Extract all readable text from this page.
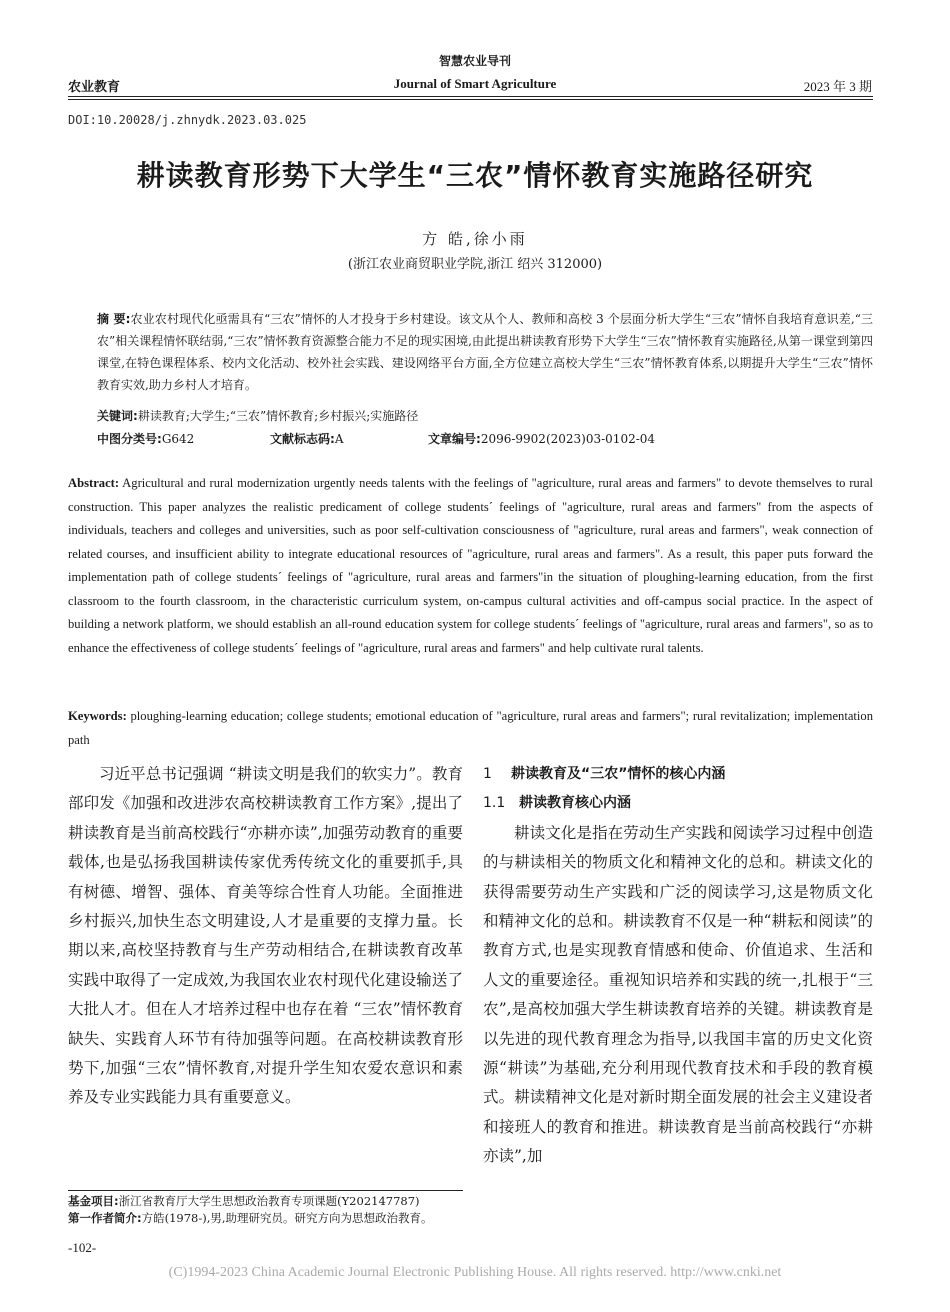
智慧农业导刊
农业教育	Journal of Smart Agriculture	2023 年 3 期
DOI:10.20028/j.zhnydk.2023.03.025
耕读教育形势下大学生“三农”情怀教育实施路径研究
方 皓,徐小雨
(浙江农业商贸职业学院,浙江 绍兴 312000)
摘 要:农业农村现代化亟需具有“三农”情怀的人才投身于乡村建设。该文从个人、教师和高校 3 个层面分析大学生“三农”情怀自我培育意识差,“三农”相关课程情怀联结弱,“三农”情怀教育资源整合能力不足的现实困境,由此提出耕读教育形势下大学生“三农”情怀教育实施路径,从第一课堂到第四课堂,在特色课程体系、校内文化活动、校外社会实践、建设网络平台方面,全方位建立高校大学生“三农”情怀教育体系,以期提升大学生“三农”情怀教育实效,助力乡村人才培育。
关键词:耕读教育;大学生;“三农”情怀教育;乡村振兴;实施路径
中图分类号:G642	文献标志码:A	文章编号:2096-9902(2023)03-0102-04
Abstract: Agricultural and rural modernization urgently needs talents with the feelings of "agriculture, rural areas and farmers" to devote themselves to rural construction. This paper analyzes the realistic predicament of college students´ feelings of "agriculture, rural areas and farmers" from the aspects of individuals, teachers and colleges and universities, such as poor self-cultivation consciousness of "agriculture, rural areas and farmers", weak connection of related courses, and insufficient ability to integrate educational resources of "agriculture, rural areas and farmers". As a result, this paper puts forward the implementation path of college students´ feelings of "agriculture, rural areas and farmers"in the situation of ploughing-learning education, from the first classroom to the fourth classroom, in the characteristic curriculum system, on-campus cultural activities and off-campus social practice. In the aspect of building a network platform, we should establish an all-round education system for college students´ feelings of "agriculture, rural areas and farmers", so as to enhance the effectiveness of college students´ feelings of "agriculture, rural areas and farmers" and help cultivate rural talents.
Keywords: ploughing-learning education; college students; emotional education of "agriculture, rural areas and farmers"; rural revitalization; implementation path

习近平总书记强调 “耕读文明是我们的软实力”。教育部印发《加强和改进涉农高校耕读教育工作方案》,提出了耕读教育是当前高校践行“亦耕亦读”,加强劳动教育的重要载体,也是弘扬我国耕读传家优秀传统文化的重要抓手,具有树德、增智、强体、育美等综合性育人功能。全面推进乡村振兴,加快生态文明建设,人才是重要的支撑力量。长期以来,高校坚持教育与生产劳动相结合,在耕读教育改革实践中取得了一定成效,为我国农业农村现代化建设输送了大批人才。但在人才培养过程中也存在着 “三农”情怀教育缺失、实践育人环节有待加强等问题。在高校耕读教育形势下,加强“三农”情怀教育,对提升学生知农爱农意识和素养及专业实践能力具有重要意义。

1 耕读教育及“三农”情怀的核心内涵
1.1 耕读教育核心内涵

耕读文化是指在劳动生产实践和阅读学习过程中创造的与耕读相关的物质文化和精神文化的总和。耕读文化的获得需要劳动生产实践和广泛的阅读学习,这是物质文化和精神文化的总和。耕读教育不仅是一种“耕耘和阅读”的教育方式,也是实现教育情感和使命、价值追求、生活和人文的重要途径。重视知识培养和实践的统一,扎根于“三农”,是高校加强大学生耕读教育培养的关键。耕读教育是以先进的现代教育理念为指导,以我国丰富的历史文化资源“耕读”为基础,充分利用现代教育技术和手段的教育模式。耕读精神文化是对新时期全面发展的社会主义建设者和接班人的教育和推进。耕读教育是当前高校践行“亦耕亦读”,加

基金项目:浙江省教育厅大学生思想政治教育专项课题(Y202147787)
第一作者简介:方皓(1978-),男,助理研究员。研究方向为思想政治教育。
-102-
(C)1994-2023 China Academic Journal Electronic Publishing House. All rights reserved. http://www.cnki.net
